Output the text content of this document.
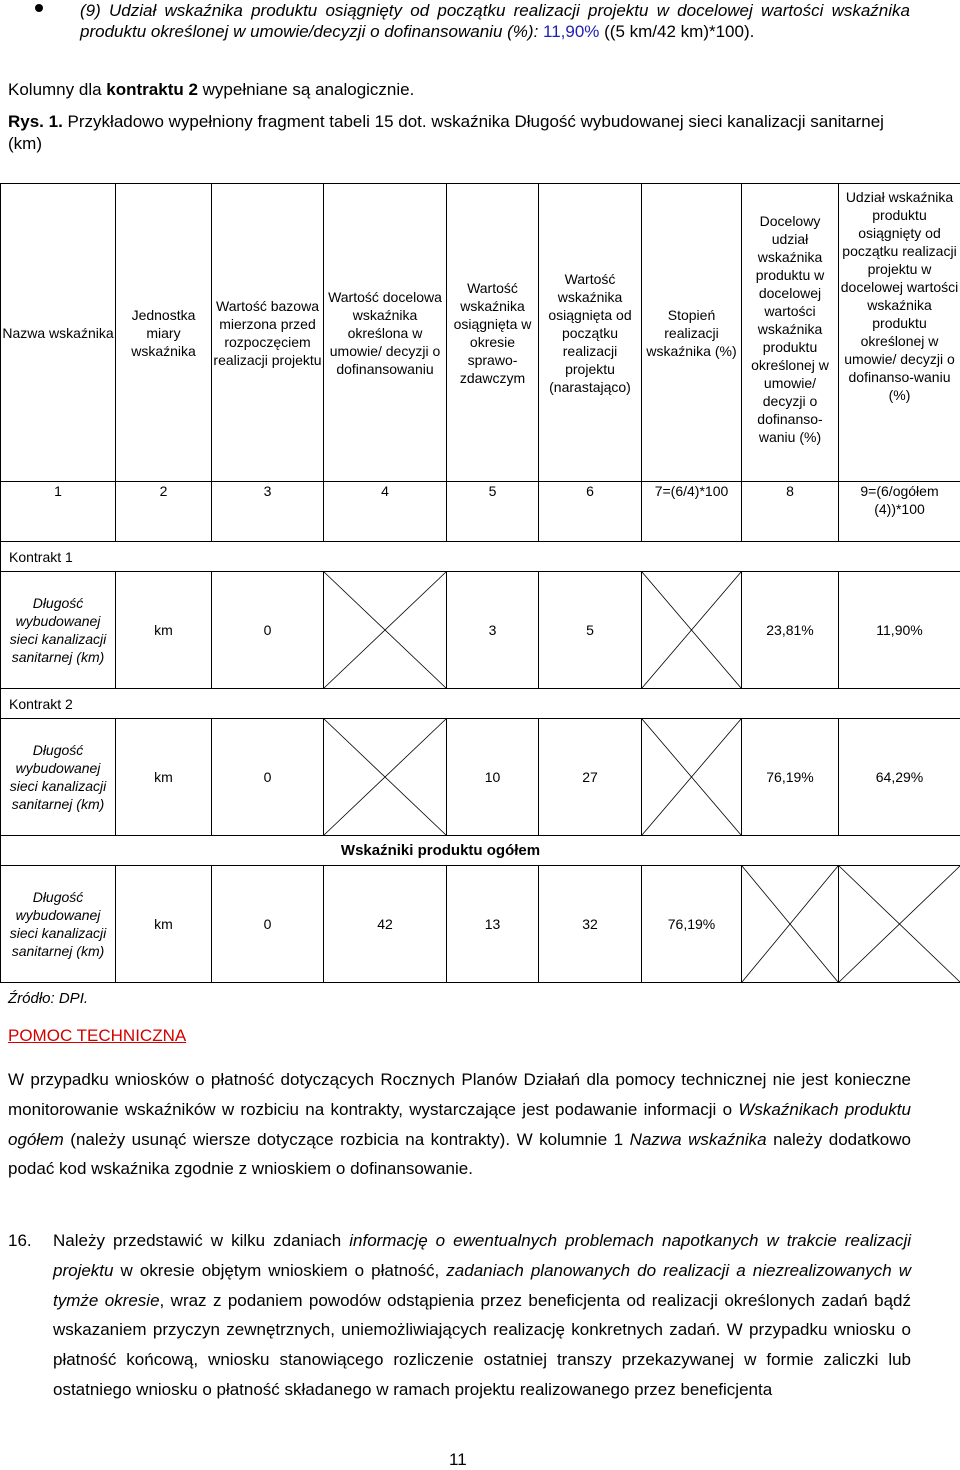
(9) Udział wskaźnika produktu osiągnięty od początku realizacji projektu w docelowej wartości wskaźnika produktu określonej w umowie/decyzji o dofinansowaniu (%): 11,90% ((5 km/42 km)*100).
Kolumny dla kontraktu 2 wypełniane są analogicznie.
Rys. 1. Przykładowo wypełniony fragment tabeli 15 dot. wskaźnika Długość wybudowanej sieci kanalizacji sanitarnej (km)
Nazwa wskaźnika	Jednostka miary wskaźnika	Wartość bazowa mierzona przed rozpoczęciem realizacji projektu	Wartość docelowa wskaźnika określona w umowie/ decyzji o dofinansowaniu	Wartość wskaźnika osiągnięta w okresie sprawo-zdawczym	Wartość wskaźnika osiągnięta od początku realizacji projektu (narastająco)	Stopień realizacji wskaźnika (%)	Docelowy udział wskaźnika produktu w docelowej wartości wskaźnika produktu określonej w umowie/ decyzji o dofinanso-waniu (%)	Udział wskaźnika produktu osiągnięty od początku realizacji projektu w docelowej wartości wskaźnika produktu określonej w umowie/ decyzji o dofinanso-waniu (%)
1	2	3	4	5	6	7=(6/4)*100	8	9=(6/ogółem (4))*100
Kontrakt 1								
Długość wybudowanej sieci kanalizacji sanitarnej (km)	km	0		3	5		23,81%	11,90%
Kontrakt 2								
Długość wybudowanej sieci kanalizacji sanitarnej (km)	km	0		10	27		76,19%	64,29%
Wskaźniki produktu ogółem								
Długość wybudowanej sieci kanalizacji sanitarnej (km)	km	0	42	13	32	76,19%	

Źródło: DPI.
POMOC TECHNICZNA
W przypadku wniosków o płatność dotyczących Rocznych Planów Działań dla pomocy technicznej nie jest konieczne monitorowanie wskaźników w rozbiciu na kontrakty, wystarczające jest podawanie informacji o Wskaźnikach produktu ogółem (należy usunąć wiersze dotyczące rozbicia na kontrakty). W kolumnie 1 Nazwa wskaźnika należy dodatkowo podać kod wskaźnika zgodnie z wnioskiem o dofinansowanie.
16. Należy przedstawić w kilku zdaniach informację o ewentualnych problemach napotkanych w trakcie realizacji projektu w okresie objętym wnioskiem o płatność, zadaniach planowanych do realizacji a niezrealizowanych w tymże okresie, wraz z podaniem powodów odstąpienia przez beneficjenta od realizacji określonych zadań bądź wskazaniem przyczyn zewnętrznych, uniemożliwiających realizację konkretnych zadań. W przypadku wniosku o płatność końcową, wniosku stanowiącego rozliczenie ostatniej transzy przekazywanej w formie zaliczki lub ostatniego wniosku o płatność składanego w ramach projektu realizowanego przez beneficjenta
11
